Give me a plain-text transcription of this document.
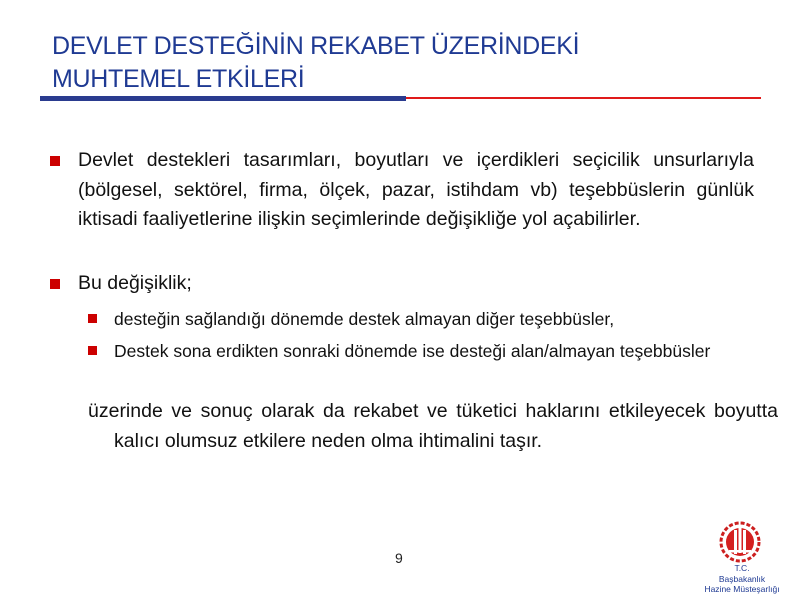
DEVLET DESTEĞİNİN REKABET ÜZERİNDEKİ
MUHTEMEL ETKİLERİ
Devlet destekleri tasarımları, boyutları ve içerdikleri seçicilik unsurlarıyla (bölgesel, sektörel, firma, ölçek, pazar, istihdam vb) teşebbüslerin günlük iktisadi faaliyetlerine ilişkin seçimlerinde değişikliğe yol açabilirler.
Bu değişiklik;
desteğin sağlandığı dönemde destek almayan diğer teşebbüsler,
Destek sona erdikten sonraki dönemde ise desteği alan/almayan teşebbüsler
üzerinde ve sonuç olarak da rekabet ve tüketici haklarını etkileyecek boyutta kalıcı olumsuz etkilere neden olma ihtimalini taşır.
9
T.C.
Başbakanlık
Hazine Müsteşarlığı
